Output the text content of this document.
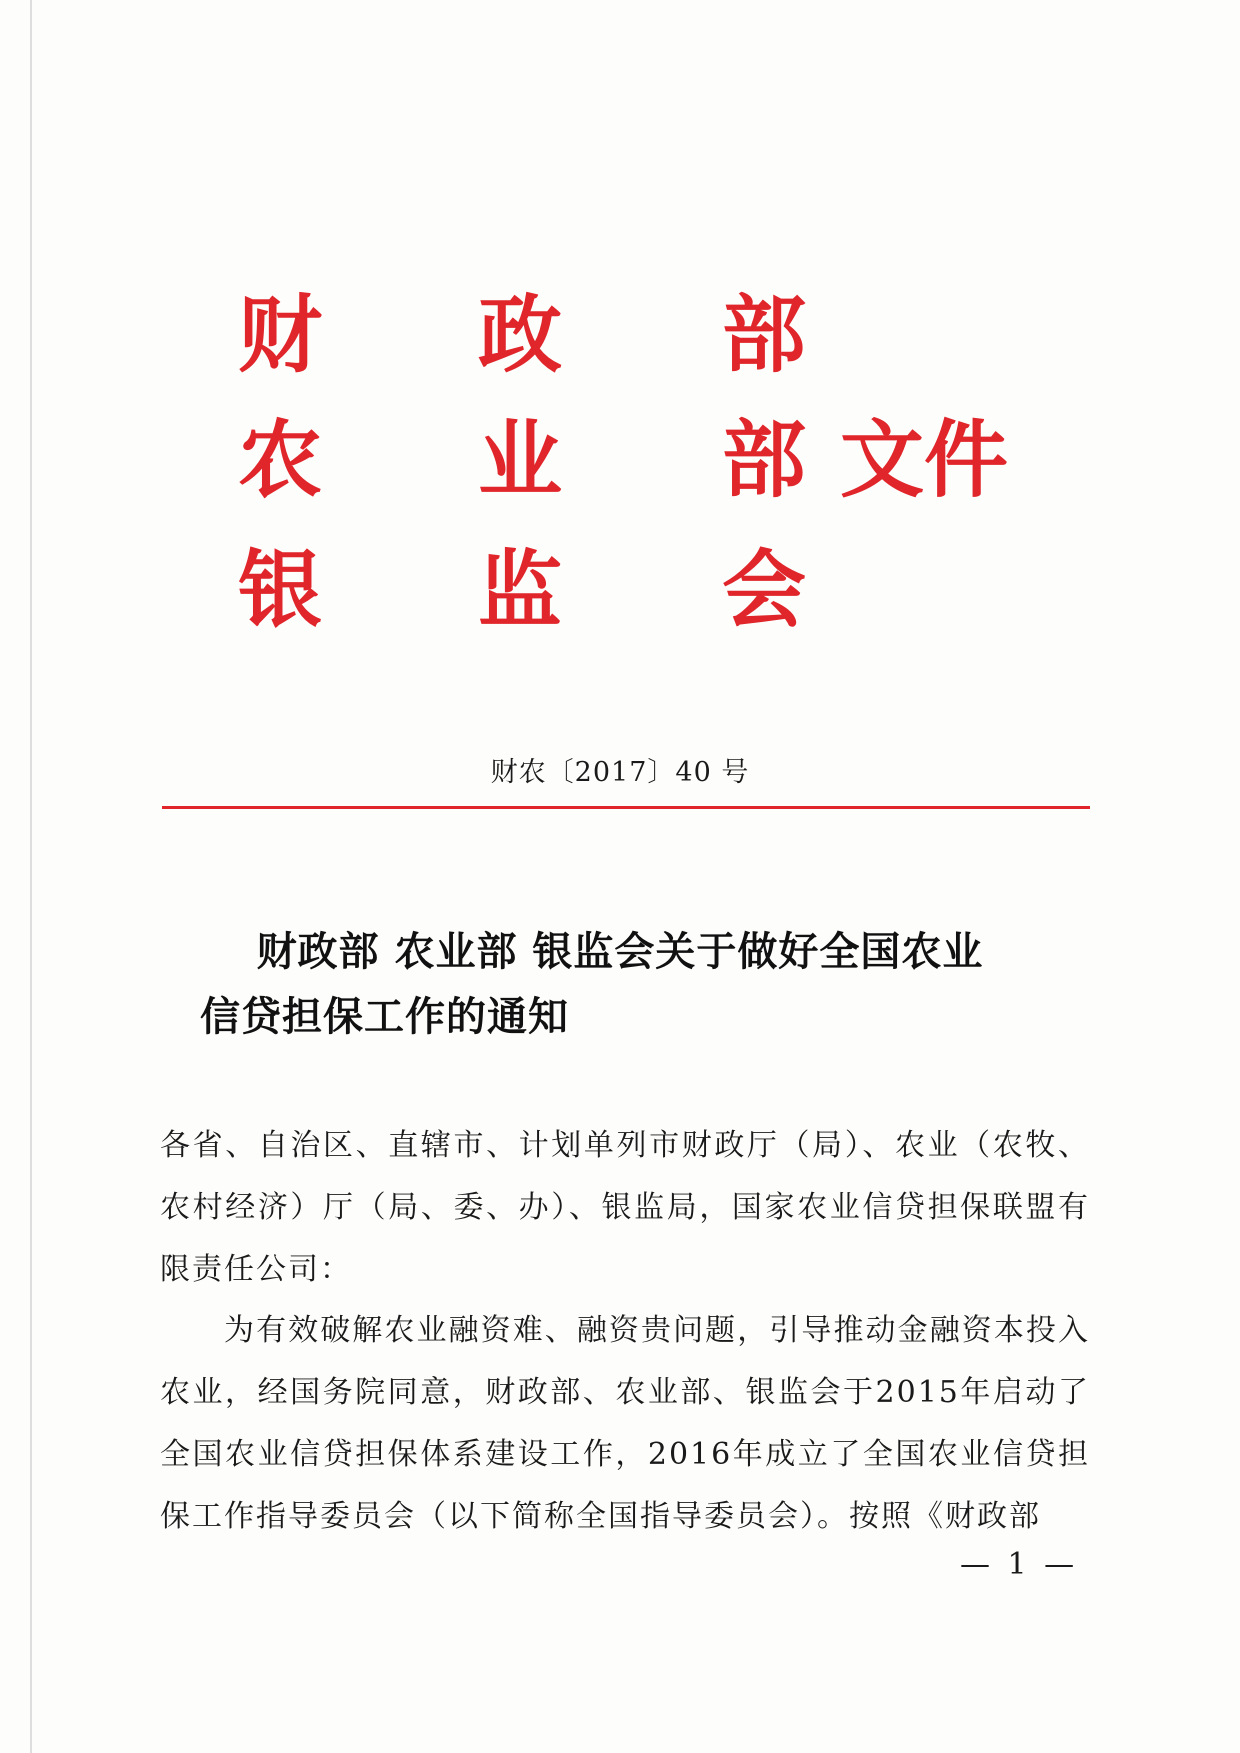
财 政 部
农 业 部 文件
银 监 会
财农〔2017〕40 号
财政部 农业部 银监会关于做好全国农业
信贷担保工作的通知
各省、自治区、直辖市、计划单列市财政厅（局）、农业（农牧、农村经济）厅（局、委、办）、银监局，国家农业信贷担保联盟有限责任公司：
为有效破解农业融资难、融资贵问题，引导推动金融资本投入农业，经国务院同意，财政部、农业部、银监会于2015年启动了全国农业信贷担保体系建设工作，2016年成立了全国农业信贷担保工作指导委员会（以下简称全国指导委员会）。按照《财政部
— 1 —
